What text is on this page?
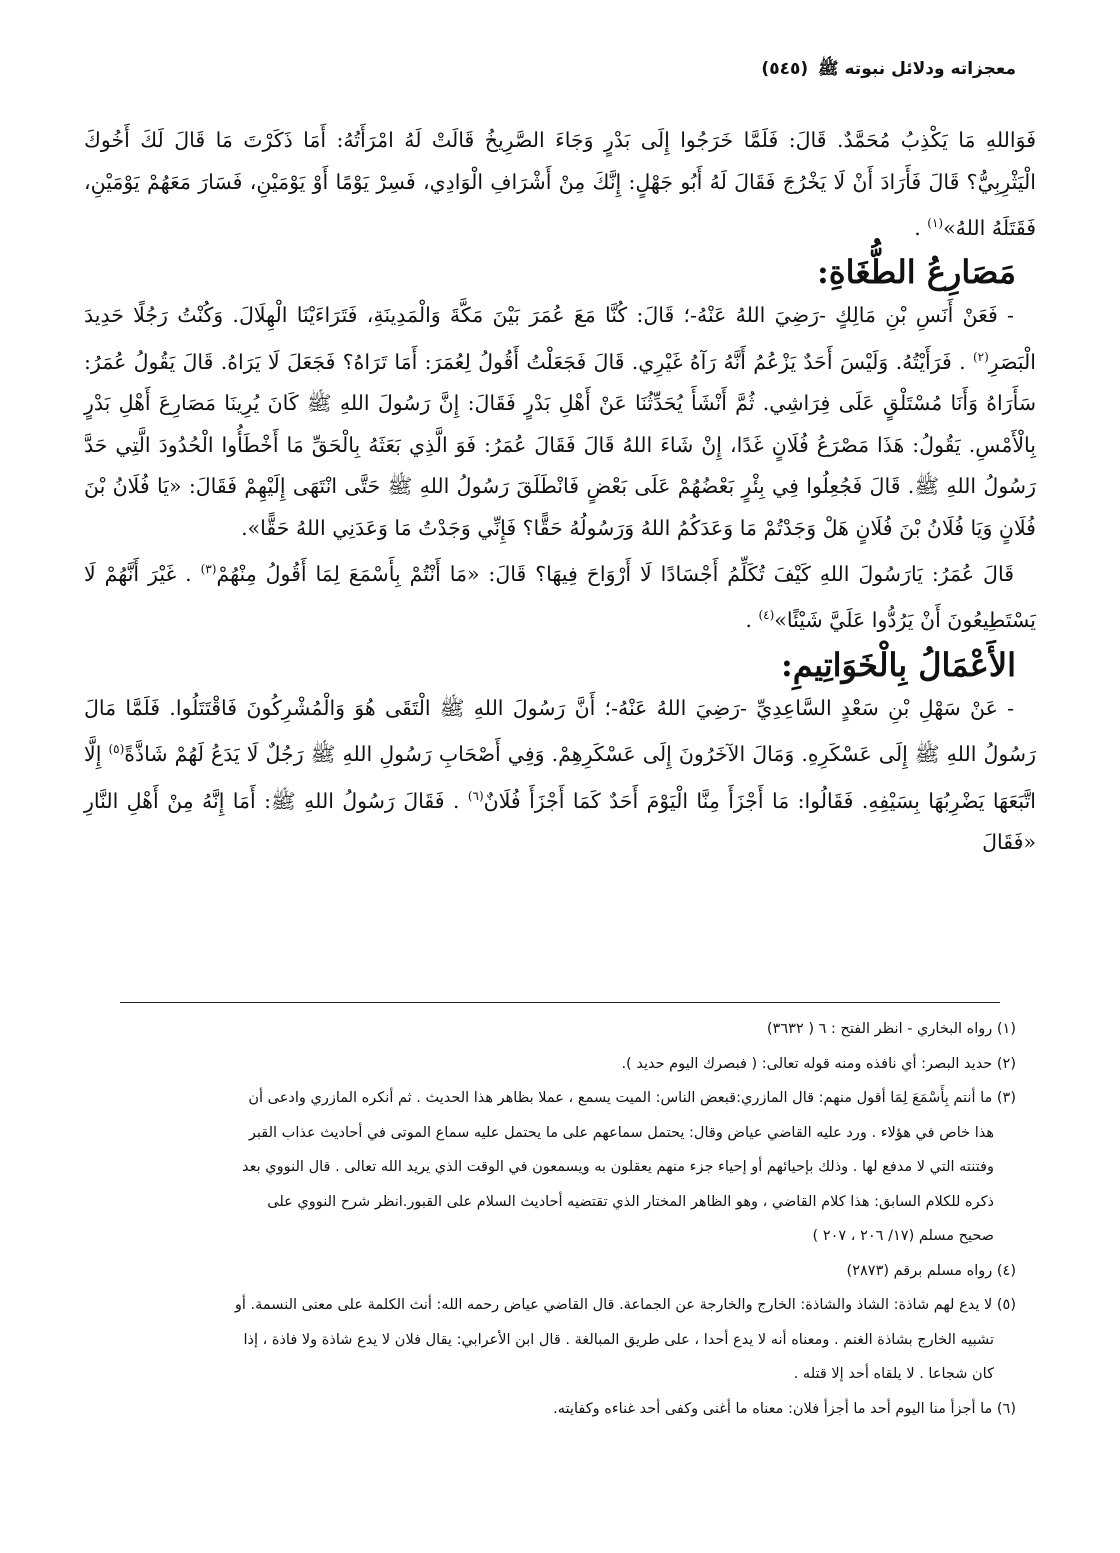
معجزاته ودلائل نبوته ﷺ (٥٤٥)

فَوَاللهِ مَا يَكْذِبُ مُحَمَّدٌ. قَالَ: فَلَمَّا خَرَجُوا إِلَى بَدْرٍ وَجَاءَ الصَّرِيخُ قَالَتْ لَهُ امْرَأَتُهُ: أَمَا ذَكَرْتَ مَا قَالَ لَكَ أَخُوكَ الْيَثْرِبِيُّ؟ قَالَ فَأَرَادَ أَنْ لَا يَخْرُجَ فَقَالَ لَهُ أَبُو جَهْلٍ: إِنَّكَ مِنْ أَشْرَافِ الْوَادِي، فَسِرْ يَوْمًا أَوْ يَوْمَيْنِ، فَسَارَ مَعَهُمْ يَوْمَيْنِ، فَقَتَلَهُ اللهُ»$^{(١)}$ .

مَصَارِعُ الطُّغَاةِ:

- فَعَنْ أَنَسِ بْنِ مَالِكٍ -رَضِيَ اللهُ عَنْهُ-؛ قَالَ: كُنَّا مَعَ عُمَرَ بَيْنَ مَكَّةَ وَالْمَدِينَةِ، فَتَرَاءَيْنَا الْهِلَالَ. وَكُنْتُ رَجُلًا حَدِيدَ الْبَصَرِ$^{(٢)}$ . فَرَأَيْتُهُ. وَلَيْسَ أَحَدٌ يَزْعُمُ أَنَّهُ رَآهُ غَيْرِي. قَالَ فَجَعَلْتُ أَقُولُ لِعُمَرَ: أَمَا تَرَاهُ؟ فَجَعَلَ لَا يَرَاهُ. قَالَ يَقُولُ عُمَرُ: سَأَرَاهُ وَأَنَا مُسْتَلْقٍ عَلَى فِرَاشِي. ثُمَّ أَنْشَأَ يُحَدِّثُنَا عَنْ أَهْلِ بَدْرٍ فَقَالَ: إِنَّ رَسُولَ اللهِ ﷺ كَانَ يُرِينَا مَصَارِعَ أَهْلِ بَدْرٍ بِالْأَمْسِ. يَقُولُ: هَذَا مَصْرَعُ فُلَانٍ غَدًا، إِنْ شَاءَ اللهُ قَالَ فَقَالَ عُمَرُ: فَوَ الَّذِي بَعَثَهُ بِالْحَقِّ مَا أَخْطَأُوا الْحُدُودَ الَّتِي حَدَّ رَسُولُ اللهِ ﷺ. قَالَ فَجُعِلُوا فِي بِئْرٍ بَعْضُهُمْ عَلَى بَعْضٍ فَانْطَلَقَ رَسُولُ اللهِ ﷺ حَتَّى انْتَهَى إِلَيْهِمْ فَقَالَ: «يَا فُلَانُ بْنَ فُلَانٍ وَيَا فُلَانُ بْنَ فُلَانٍ هَلْ وَجَدْتُمْ مَا وَعَدَكُمُ اللهُ وَرَسُولُهُ حَقًّا؟ فَإِنِّي وَجَدْتُ مَا وَعَدَنِي اللهُ حَقًّا».

قَالَ عُمَرُ: يَارَسُولَ اللهِ كَيْفَ تُكَلِّمُ أَجْسَادًا لَا أَرْوَاحَ فِيهَا؟ قَالَ: «مَا أَنْتُمْ بِأَسْمَعَ لِمَا أَقُولُ مِنْهُمْ$^{(٣)}$ . غَيْرَ أَنَّهُمْ لَا يَسْتَطِيعُونَ أَنْ يَرُدُّوا عَلَيَّ شَيْئًا»$^{(٤)}$ .

الأَعْمَالُ بِالْخَوَاتِيمِ:

- عَنْ سَهْلِ بْنِ سَعْدٍ السَّاعِدِيِّ -رَضِيَ اللهُ عَنْهُ-؛ أَنَّ رَسُولَ اللهِ ﷺ الْتَقَى هُوَ وَالْمُشْرِكُونَ فَاقْتَتَلُوا. فَلَمَّا مَالَ رَسُولُ اللهِ ﷺ إِلَى عَسْكَرِهِ. وَمَالَ الآخَرُونَ إِلَى عَسْكَرِهِمْ. وَفِي أَصْحَابِ رَسُولِ اللهِ ﷺ رَجُلٌ لَا يَدَعُ لَهُمْ شَاذَّةً$^{(٥)}$ إِلَّا اتَّبَعَهَا يَضْرِبُهَا بِسَيْفِهِ. فَقَالُوا: مَا أَجْزَأَ مِنَّا الْيَوْمَ أَحَدٌ كَمَا أَجْزَأَ فُلَانٌ$^{(٦)}$ . فَقَالَ رَسُولُ اللهِ ﷺ: أَمَا إِنَّهُ مِنْ أَهْلِ النَّارِ «فَقَالَ

(١) رواه البخاري - انظر الفتح : ٦ ( ٣٦٣٢)

(٢) حديد البصر: أي نافذه ومنه قوله تعالى: ( فبصرك اليوم حديد ).

(٣) ما أنتم بِأَسْمَعَ لِمَا أقول منهم: قال المازري:قبعض الناس: الميت يسمع ، عملا بظاهر هذا الحديث . ثم أنكره المازري وادعى أن

هذا خاص في هؤلاء . ورد عليه القاضي عياض وقال: يحتمل سماعهم على ما يحتمل عليه سماع الموتى في أحاديث عذاب القبر

وفتنته التي لا مدفع لها . وذلك بإحيائهم أو إحياء جزء منهم يعقلون به ويسمعون في الوقت الذي يريد الله تعالى . قال النووي بعد

ذكره للكلام السابق: هذا كلام القاضي ، وهو الظاهر المختار الذي تقتضيه أحاديث السلام على القبور.انظر شرح النووي على

صحيح مسلم (١٧/ ٢٠٦ ، ٢٠٧ )

(٤) رواه مسلم برقم (٢٨٧٣)

(٥) لا يدع لهم شاذة: الشاذ والشاذة: الخارج والخارجة عن الجماعة. قال القاضي عياض رحمه الله: أنث الكلمة على معنى النسمة. أو

تشبيه الخارج بشاذة الغنم . ومعناه أنه لا يدع أحدا ، على طريق المبالغة . قال ابن الأعرابي: يقال فلان لا يدع شاذة ولا فاذة ، إذا

كان شجاعا . لا يلقاه أحد إلا قتله .

(٦) ما أجزأ منا اليوم أحد ما أجزأ فلان: معناه ما أغنى وكفى أحد غناءه وكفايته.
